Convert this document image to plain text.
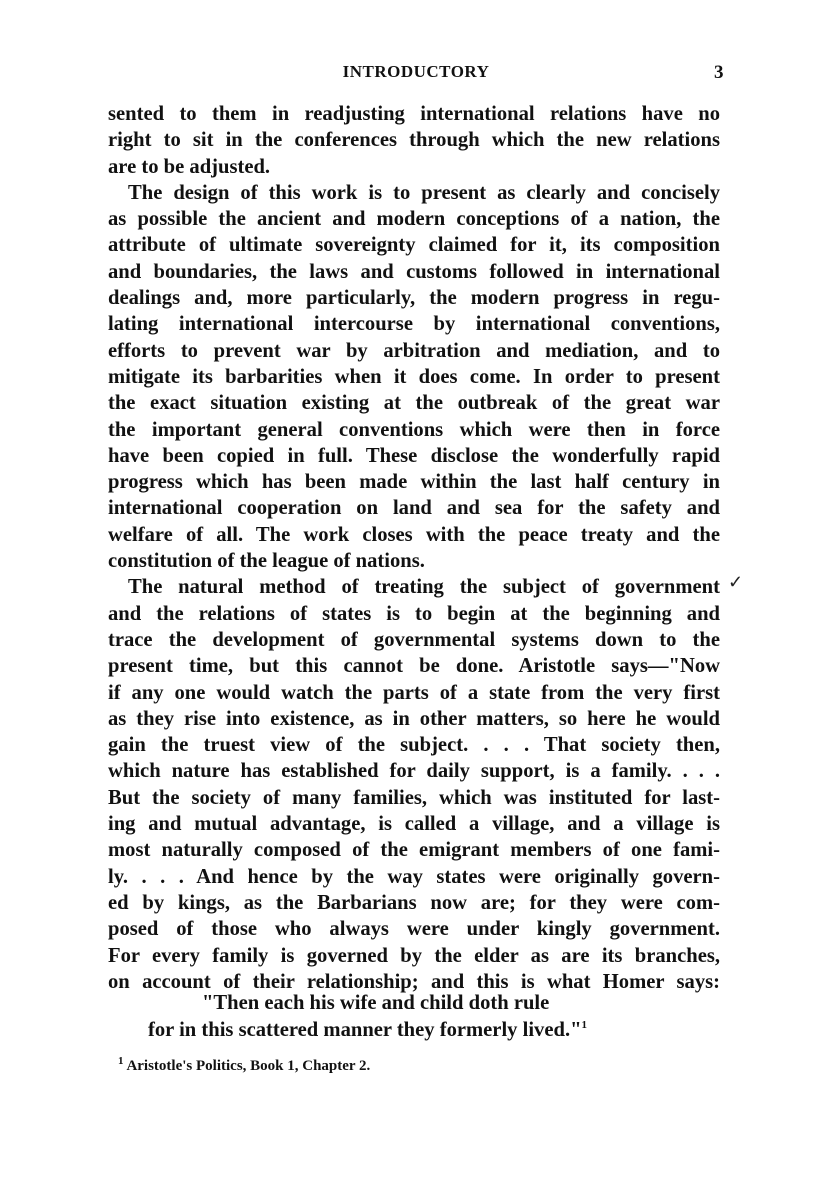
INTRODUCTORY	3
sented to them in readjusting international relations have no
right to sit in the conferences through which the new relations
are to be adjusted.
The design of this work is to present as clearly and concisely
as possible the ancient and modern conceptions of a nation, the
attribute of ultimate sovereignty claimed for it, its composition
and boundaries, the laws and customs followed in international
dealings and, more particularly, the modern progress in regu-
lating international intercourse by international conventions,
efforts to prevent war by arbitration and mediation, and to
mitigate its barbarities when it does come. In order to present
the exact situation existing at the outbreak of the great war
the important general conventions which were then in force
have been copied in full. These disclose the wonderfully rapid
progress which has been made within the last half century in
international cooperation on land and sea for the safety and
welfare of all. The work closes with the peace treaty and the
constitution of the league of nations.
The natural method of treating the subject of government
and the relations of states is to begin at the beginning and
trace the development of governmental systems down to the
present time, but this cannot be done. Aristotle says—"Now
if any one would watch the parts of a state from the very first
as they rise into existence, as in other matters, so here he would
gain the truest view of the subject. . . . That society then,
which nature has established for daily support, is a family. . . .
But the society of many families, which was instituted for last-
ing and mutual advantage, is called a village, and a village is
most naturally composed of the emigrant members of one fami-
ly. . . . And hence by the way states were originally govern-
ed by kings, as the Barbarians now are; for they were com-
posed of those who always were under kingly government.
For every family is governed by the elder as are its branches,
on account of their relationship; and this is what Homer says:
✓
"Then each his wife and child doth rule
for in this scattered manner they formerly lived."$^1$
$^1$ Aristotle's Politics, Book 1, Chapter 2.
